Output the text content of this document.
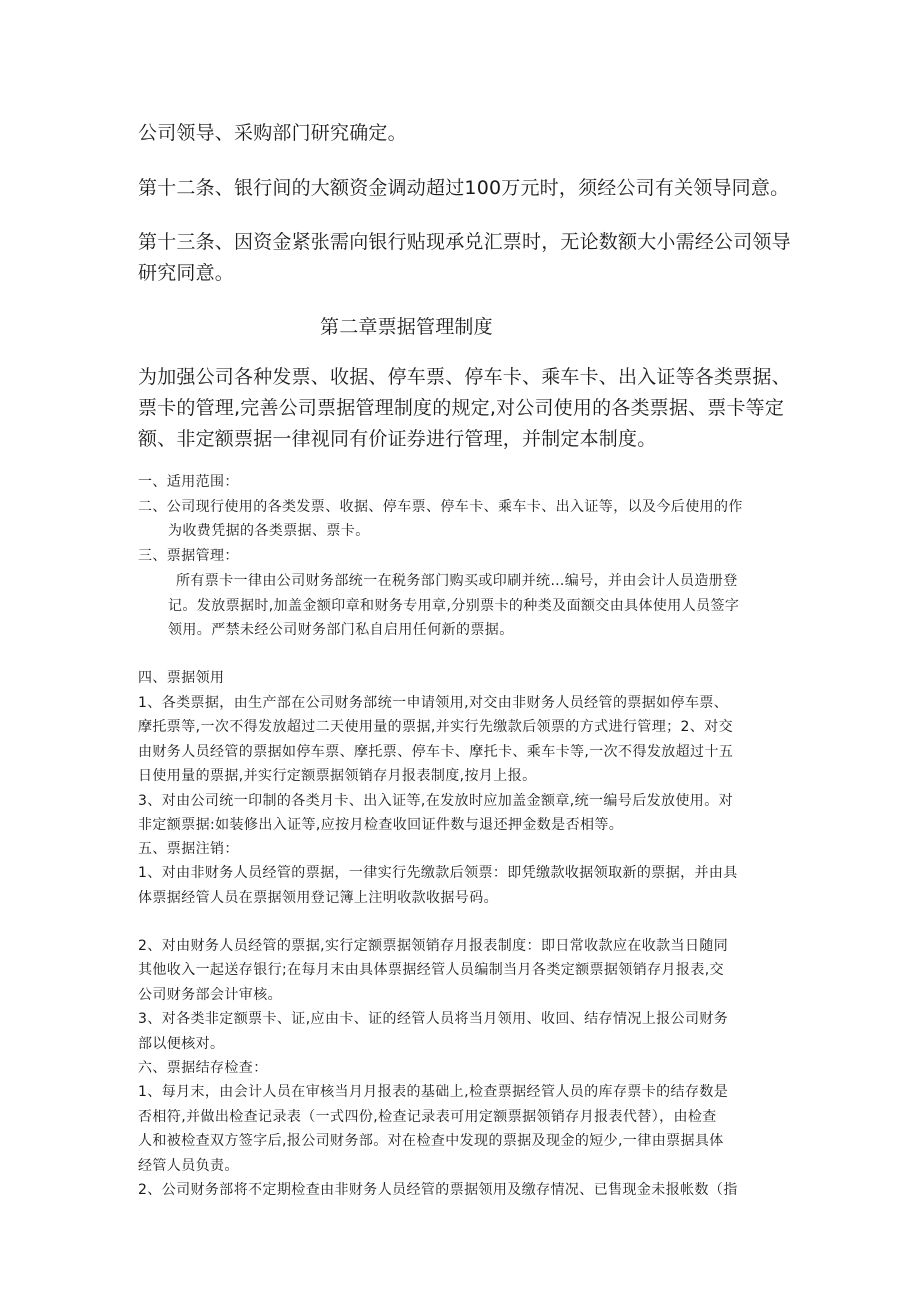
公司领导、采购部门研究确定。

第十二条、银行间的大额资金调动超过100万元时，须经公司有关领导同意。

第十三条、因资金紧张需向银行贴现承兑汇票时，无论数额大小需经公司领导

研究同意。

第二章票据管理制度

为加强公司各种发票、收据、停车票、停车卡、乘车卡、出入证等各类票据、

票卡的管理,完善公司票据管理制度的规定,对公司使用的各类票据、票卡等定

额、非定额票据一律视同有价证券进行管理，并制定本制度。

一、适用范围：

二、公司现行使用的各类发票、收据、停车票、停车卡、乘车卡、出入证等，以及今后使用的作

为收费凭据的各类票据、票卡。

三、票据管理：

所有票卡一律由公司财务部统一在税务部门购买或印刷并统…编号，并由会计人员造册登

记。发放票据时,加盖金额印章和财务专用章,分别票卡的种类及面额交由具体使用人员签字

领用。严禁未经公司财务部门私自启用任何新的票据。

四、票据领用

1、各类票据，由生产部在公司财务部统一申请领用,对交由非财务人员经管的票据如停车票、

摩托票等,一次不得发放超过二天使用量的票据,并实行先缴款后领票的方式进行管理；2、对交

由财务人员经管的票据如停车票、摩托票、停车卡、摩托卡、乘车卡等,一次不得发放超过十五

日使用量的票据,并实行定额票据领销存月报表制度,按月上报。

3、对由公司统一印制的各类月卡、出入证等,在发放时应加盖金额章,统一编号后发放使用。对

非定额票据:如装修出入证等,应按月检查收回证件数与退还押金数是否相等。

五、票据注销：

1、对由非财务人员经管的票据，一律实行先缴款后领票：即凭缴款收据领取新的票据，并由具

体票据经管人员在票据领用登记簿上注明收款收据号码。

2、对由财务人员经管的票据,实行定额票据领销存月报表制度：即日常收款应在收款当日随同

其他收入一起送存银行;在每月末由具体票据经管人员编制当月各类定额票据领销存月报表,交

公司财务部会计审核。

3、对各类非定额票卡、证,应由卡、证的经管人员将当月领用、收回、结存情况上报公司财务

部以便核对。

六、票据结存检查：

1、每月末，由会计人员在审核当月月报表的基础上,检查票据经管人员的库存票卡的结存数是

否相符,并做出检查记录表（一式四份,检查记录表可用定额票据领销存月报表代替），由检查

人和被检查双方签字后,报公司财务部。对在检查中发现的票据及现金的短少,一律由票据具体

经管人员负责。

2、公司财务部将不定期检查由非财务人员经管的票据领用及缴存情况、已售现金未报帐数（指
